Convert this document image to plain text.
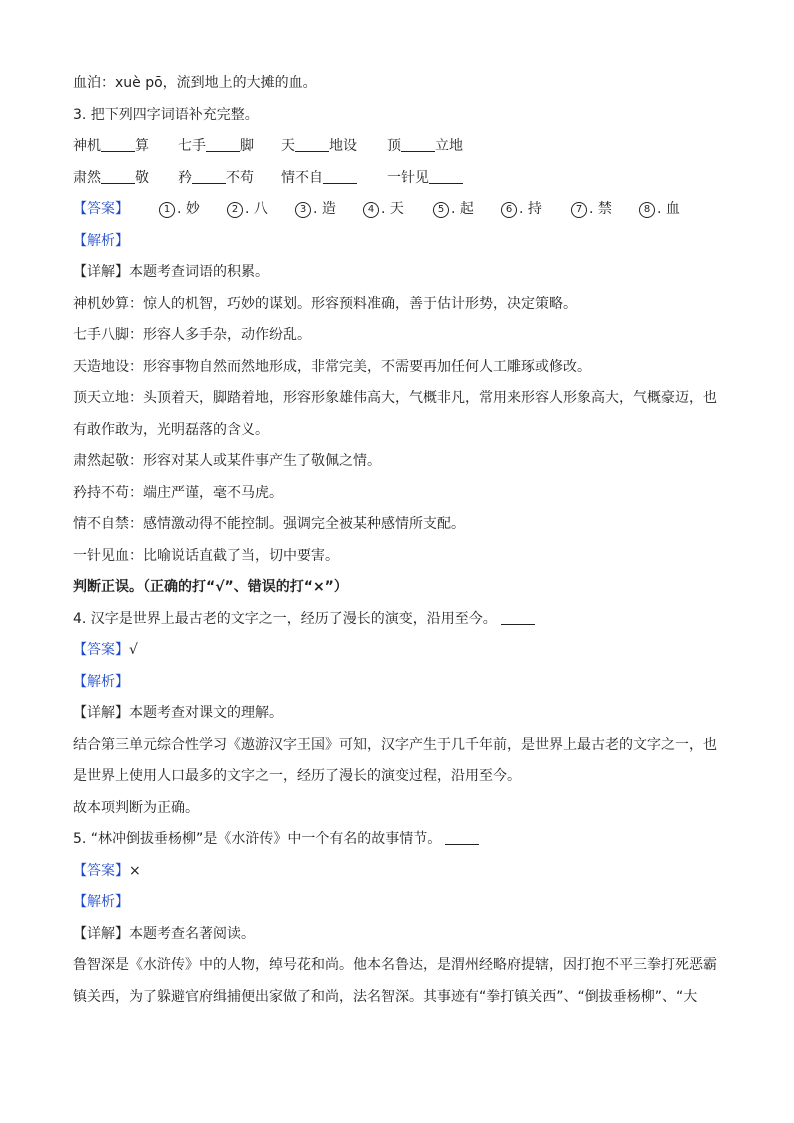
血泊：xuè pō，流到地上的大摊的血。
3. 把下列四字词语补充完整。
神机 算 七手 脚 天 地设 顶 立地
肃然 敬 矜 不苟 情不自	一针见
【答案】	1 . 妙	2 . 八	3 . 造	4 . 天	5 . 起	6 . 持	7 . 禁	8 . 血
【解析】
【详解】本题考查词语的积累。
神机妙算：惊人的机智，巧妙的谋划。形容预料准确，善于估计形势，决定策略。
七手八脚：形容人多手杂，动作纷乱。
天造地设：形容事物自然而然地形成，非常完美，不需要再加任何人工雕琢或修改。
顶天立地：头顶着天，脚踏着地，形容形象雄伟高大，气概非凡，常用来形容人形象高大，气概豪迈，也
有敢作敢为，光明磊落的含义。
肃然起敬：形容对某人或某件事产生了敬佩之情。
矜持不苟：端庄严谨，毫不马虎。
情不自禁：感情激动得不能控制。强调完全被某种感情所支配。
一针见血：比喻说话直截了当，切中要害。
判断正误。（正确的打“√”、错误的打“×”）
4. 汉字是世界上最古老的文字之一，经历了漫长的演变，沿用至今。
【答案】√
【解析】
【详解】本题考查对课文的理解。
结合第三单元综合性学习《遨游汉字王国》可知，汉字产生于几千年前，是世界上最古老的文字之一，也
是世界上使用人口最多的文字之一，经历了漫长的演变过程，沿用至今。
故本项判断为正确。
5. “林冲倒拔垂杨柳”是《水浒传》中一个有名的故事情节。
【答案】×
【解析】
【详解】本题考查名著阅读。
鲁智深是《水浒传》中的人物，绰号花和尚。他本名鲁达，是渭州经略府提辖，因打抱不平三拳打死恶霸
镇关西，为了躲避官府缉捕便出家做了和尚，法名智深。其事迹有“拳打镇关西”、“倒拔垂杨柳”、“大
